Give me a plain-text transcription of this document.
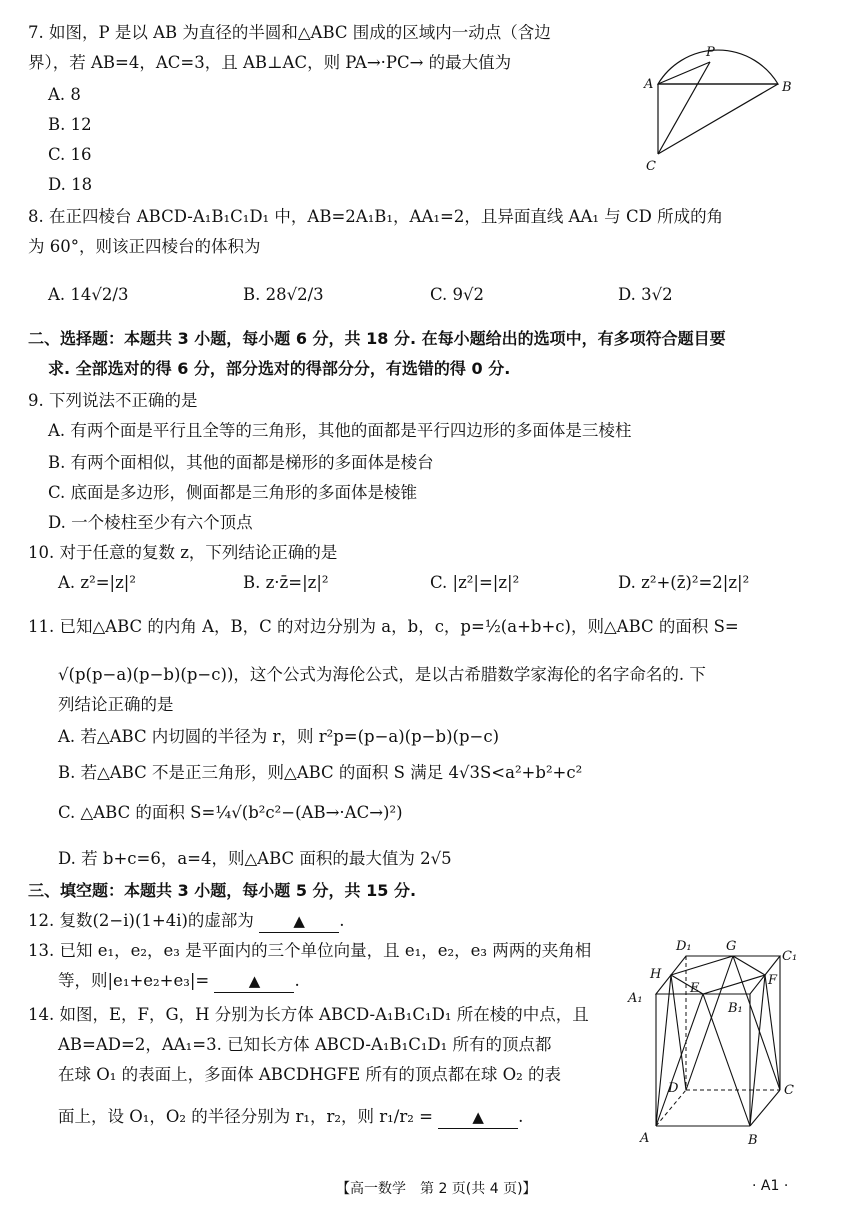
7. 如图，P 是以 AB 为直径的半圆和△ABC 围成的区域内一动点（含边
界），若 AB=4，AC=3，且 AB⊥AC，则 PA→·PC→ 的最大值为
A. 8
B. 12
C. 16
D. 18
P
A	B
C
8. 在正四棱台 ABCD-A₁B₁C₁D₁ 中，AB=2A₁B₁，AA₁=2，且异面直线 AA₁ 与 CD 所成的角
为 60°，则该正四棱台的体积为
A. 14√2/3	B. 28√2/3	C. 9√2	D. 3√2
二、选择题：本题共 3 小题，每小题 6 分，共 18 分. 在每小题给出的选项中，有多项符合题目要
求. 全部选对的得 6 分，部分选对的得部分分，有选错的得 0 分.
9. 下列说法不正确的是
A. 有两个面是平行且全等的三角形，其他的面都是平行四边形的多面体是三棱柱
B. 有两个面相似，其他的面都是梯形的多面体是棱台
C. 底面是多边形，侧面都是三角形的多面体是棱锥
D. 一个棱柱至少有六个顶点
10. 对于任意的复数 z，下列结论正确的是
A. z²=|z|²	B. z·z̄=|z|²	C. |z²|=|z|²	D. z²+(z̄)²=2|z|²
11. 已知△ABC 的内角 A，B，C 的对边分别为 a，b，c，p=½(a+b+c)，则△ABC 的面积 S=
√(p(p−a)(p−b)(p−c))，这个公式为海伦公式，是以古希腊数学家海伦的名字命名的. 下
列结论正确的是
A. 若△ABC 内切圆的半径为 r，则 r²p=(p−a)(p−b)(p−c)
B. 若△ABC 不是正三角形，则△ABC 的面积 S 满足 4√3S<a²+b²+c²
C. △ABC 的面积 S=¼√(b²c²−(AB→·AC→)²)
D. 若 b+c=6，a=4，则△ABC 面积的最大值为 2√5
三、填空题：本题共 3 小题，每小题 5 分，共 15 分.
12. 复数(2−i)(1+4i)的虚部为	▲ .
13. 已知 e₁，e₂，e₃ 是平面内的三个单位向量，且 e₁，e₂，e₃ 两两的夹角相
等，则|e₁+e₂+e₃|=	▲ .
14. 如图，E，F，G，H 分别为长方体 ABCD-A₁B₁C₁D₁ 所在棱的中点，且
AB=AD=2，AA₁=3. 已知长方体 ABCD-A₁B₁C₁D₁ 所有的顶点都
在球 O₁ 的表面上，多面体 ABCDHGFE 所有的顶点都在球 O₂ 的表
面上，设 O₁，O₂ 的半径分别为 r₁，r₂，则 r₁/r₂ =	▲ .
D₁	G
C₁
H	F
A₁
E
B₁
D	C
A	B
【高一数学　第 2 页(共 4 页)】	· A1 ·
